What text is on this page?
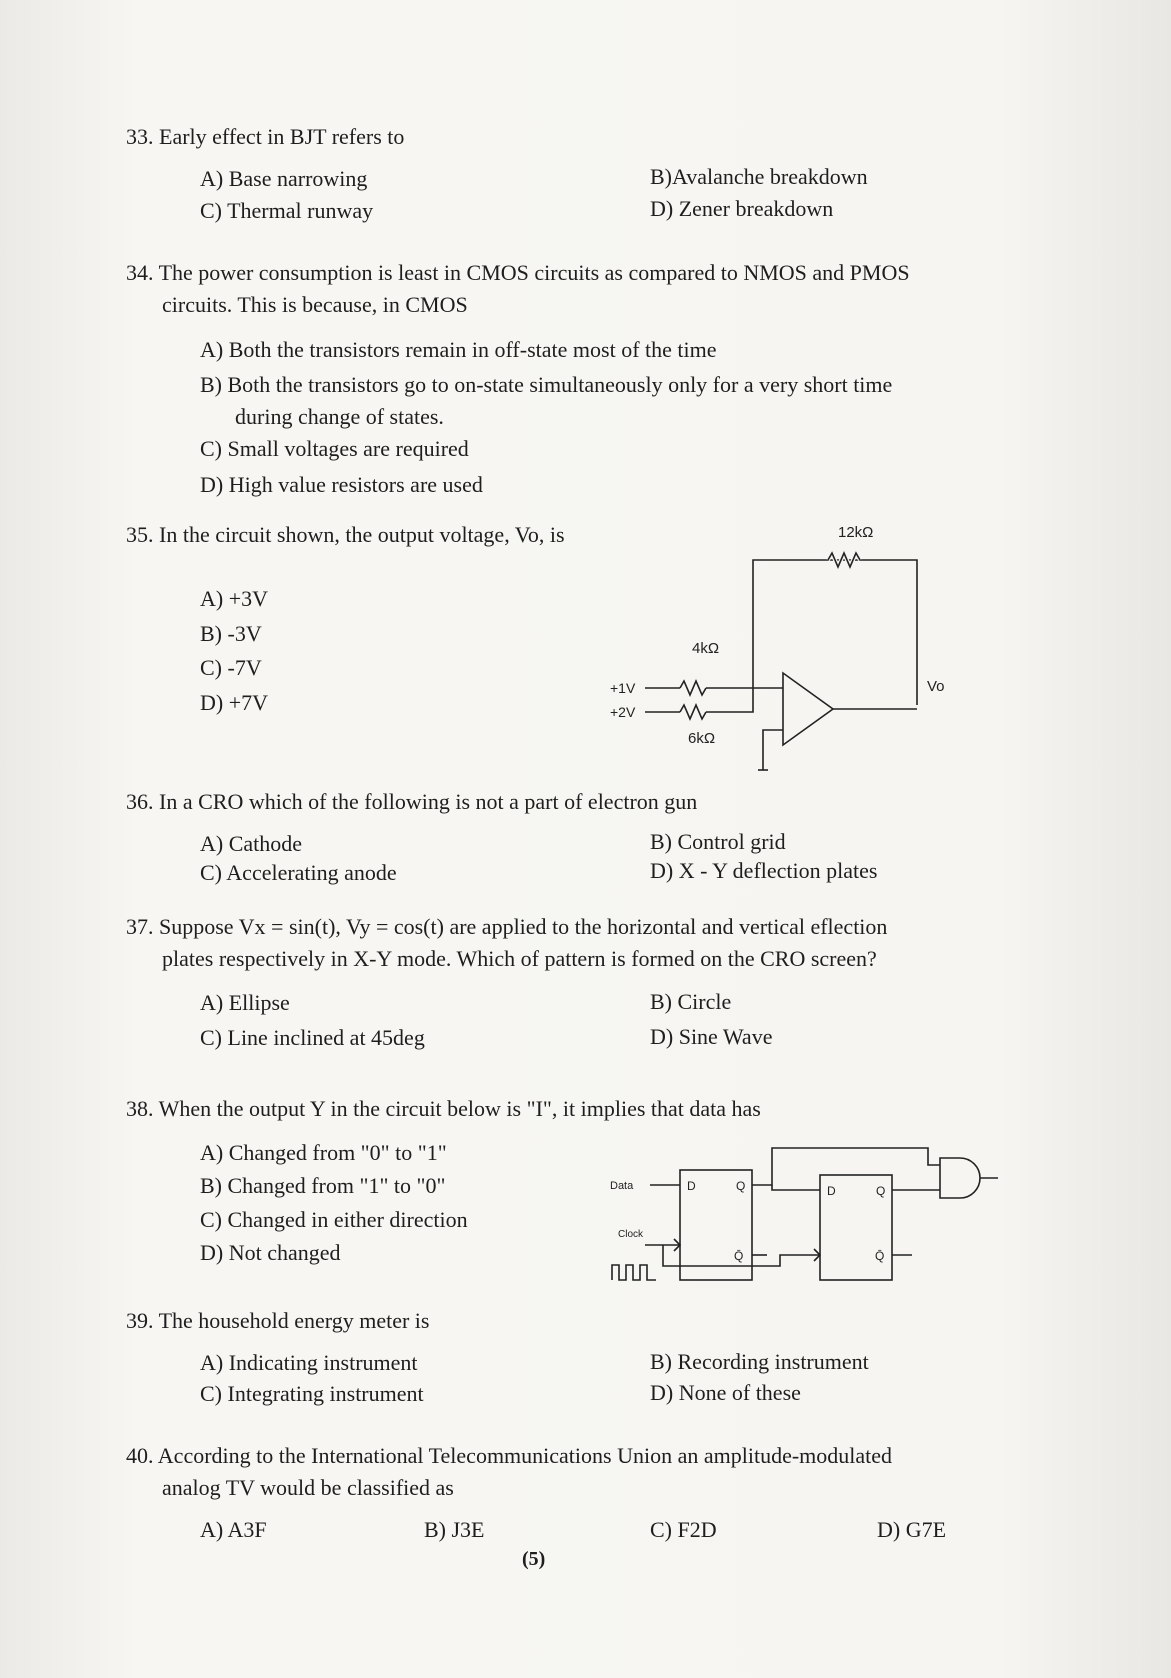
33. Early effect in BJT refers to
A) Base narrowing	B)Avalanche breakdown
C) Thermal runway	D) Zener breakdown
34. The power consumption is least in CMOS circuits as compared to NMOS and PMOS
circuits. This is because, in CMOS
A) Both the transistors remain in off-state most of the time
B) Both the transistors go to on-state simultaneously only for a very short time
during change of states.
C) Small voltages are required
D) High value resistors are used
35. In the circuit shown, the output voltage, Vo, is
A) +3V
B) -3V
C) -7V
D) +7V
12kΩ
4kΩ
6kΩ
+1V
+2V
Vo
36. In a CRO which of the following is not a part of electron gun
A) Cathode	B) Control grid
C) Accelerating anode	D) X - Y deflection plates
37. Suppose Vx = sin(t), Vy = cos(t) are applied to the horizontal and vertical eflection
plates respectively in X-Y mode. Which of pattern is formed on the CRO screen?
A) Ellipse	B) Circle
C) Line inclined at 45deg	D) Sine Wave
38. When the output Y in the circuit below is "I", it implies that data has
A) Changed from "0" to "1"
B) Changed from "1" to "0"
C) Changed in either direction
D) Not changed
Data
Clock
D	Q
Q̄
D	Q
Q̄
39. The household energy meter is
A) Indicating instrument	B) Recording instrument
C) Integrating instrument	D) None of these
40. According to the International Telecommunications Union an amplitude-modulated
analog TV would be classified as
A) A3F	B) J3E	C) F2D	D) G7E
(5)
